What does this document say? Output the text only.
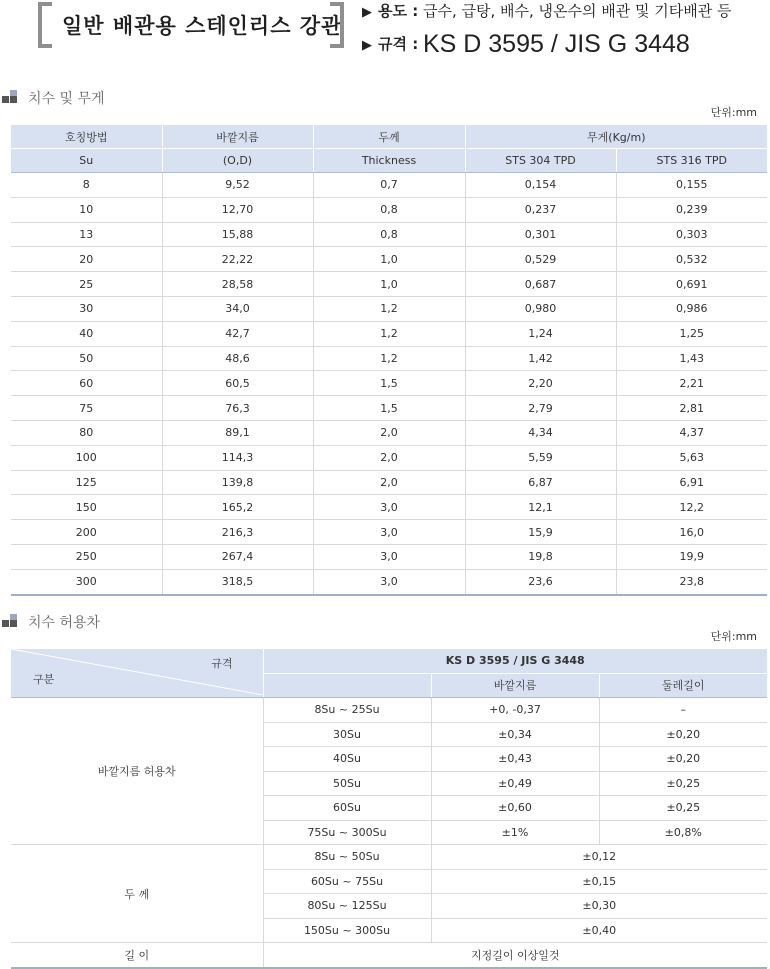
일반 배관용 스테인리스 강관
▶ 용도 : 급수, 급탕, 배수, 냉온수의 배관 및 기타배관 등
▶ 규격 : KS D 3595 / JIS G 3448
치수 및 무게
단위:mm
호칭방법	바깥지름	두께	무게(Kg/m)	
Su	(O,D)	Thickness	STS 304 TPD	STS 316 TPD
8	9,52	0,7	0,154	0,155
10	12,70	0,8	0,237	0,239
13	15,88	0,8	0,301	0,303
20	22,22	1,0	0,529	0,532
25	28,58	1,0	0,687	0,691
30	34,0	1,2	0,980	0,986
40	42,7	1,2	1,24	1,25
50	48,6	1,2	1,42	1,43
60	60,5	1,5	2,20	2,21
75	76,3	1,5	2,79	2,81
80	89,1	2,0	4,34	4,37
100	114,3	2,0	5,59	5,63
125	139,8	2,0	6,87	6,91
150	165,2	3,0	12,1	12,2
200	216,3	3,0	15,9	16,0
250	267,4	3,0	19,8	19,9
300	318,5	3,0	23,6	23,8
치수 허용차
단위:mm
규격
구분	KS D 3595 / JIS G 3448		
		바깥지름	둘레길이
바깥지름 허용차	8Su ~ 25Su	+0, -0,37	–
	30Su	±0,34	±0,20
	40Su	±0,43	±0,20
	50Su	±0,49	±0,25
	60Su	±0,60	±0,25
	75Su ~ 300Su	±1%	±0,8%
두 께	8Su ~ 50Su	±0,12	
	60Su ~ 75Su	±0,15	
	80Su ~ 125Su	±0,30	
	150Su ~ 300Su	±0,40	
길 이	지정길이 이상일것		
